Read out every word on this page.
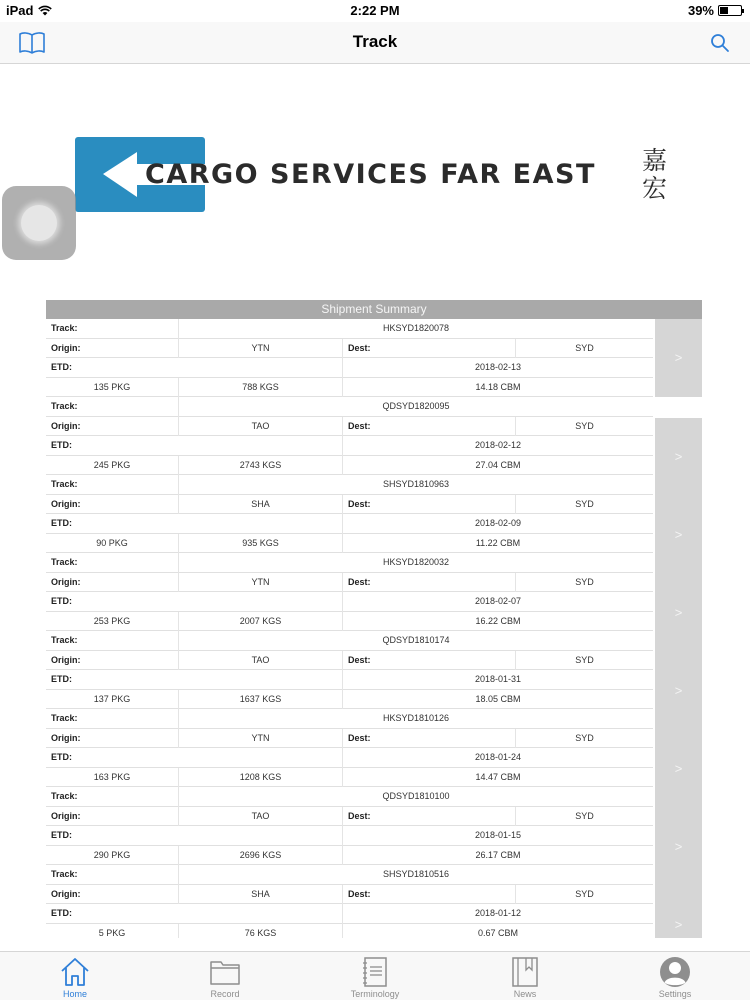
iPad	2:22 PM	39%
Track
CARGO SERVICES FAR EAST 嘉
宏
Shipment Summary
Track:	HKSYD1820078
Origin:	YTN	Dest:	SYD
ETD:	2018-02-13
135 PKG	788 KGS	14.18 CBM
>
Track:	QDSYD1820095
Origin:	TAO	Dest:	SYD
ETD:	2018-02-12
245 PKG	2743 KGS	27.04 CBM
>
Track:	SHSYD1810963
Origin:	SHA	Dest:	SYD
ETD:	2018-02-09
90 PKG	935 KGS	11.22 CBM
>
Track:	HKSYD1820032
Origin:	YTN	Dest:	SYD
ETD:	2018-02-07
253 PKG	2007 KGS	16.22 CBM
>
Track:	QDSYD1810174
Origin:	TAO	Dest:	SYD
ETD:	2018-01-31
137 PKG	1637 KGS	18.05 CBM
>
Track:	HKSYD1810126
Origin:	YTN	Dest:	SYD
ETD:	2018-01-24
163 PKG	1208 KGS	14.47 CBM
>
Track:	QDSYD1810100
Origin:	TAO	Dest:	SYD
ETD:	2018-01-15
290 PKG	2696 KGS	26.17 CBM
>
Track:	SHSYD1810516
Origin:	SHA	Dest:	SYD
ETD:	2018-01-12
5 PKG	76 KGS	0.67 CBM
>
Home	Record	Terminology	News	Settings
